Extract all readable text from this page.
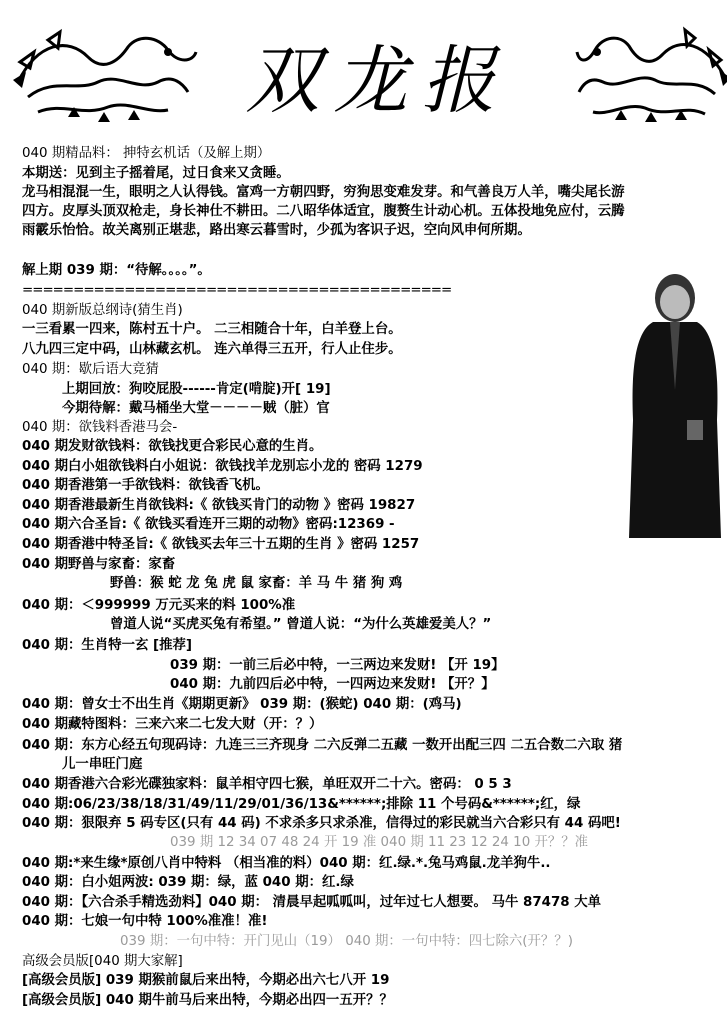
双龙报
040 期精品料： 抻特玄机话（及解上期）
本期送：见到主子摇着尾，过日食来又贪睡。
龙马相混混一生，眼明之人认得钱。富鸡一方朝四野，穷狗思变难发芽。和气善良万人羊，嘴尖尾长游
四方。皮厚头顶双枪走，身长神仕不耕田。二八昭华体适宜，腹赘生计动心机。五体投地免应付，云腾
雨霰乐怡恰。故关离别正堪悲，路出寒云暮雪时，少孤为客识子迟，空向风申何所期。
解上期 039 期：“待解。。。。”。
==========================================
040 期新版总纲诗(猜生肖)
一三看累一四来，陈村五十户。 二三相随合十年，白羊登上台。
八九四三定中码，山林藏玄机。 连六单得三五开，行人止住步。
040 期：歇后语大竞猜
上期回放：狗咬屁股------肯定(啃腚)开[ 19]
今期待解：戴马桶坐大堂－－－－贼（脏）官
040 期：欲钱料香港马会-
040 期发财欲钱料：欲钱找更合彩民心意的生肖。
040 期白小姐欲钱料白小姐说：欲钱找羊龙别忘小龙的 密码 1279
040 期香港第一手欲钱料：欲钱香飞机。
040 期香港最新生肖欲钱料:《 欲钱买肯门的动物 》密码 19827
040 期六合圣旨:《 欲钱买看连开三期的动物》密码:12369 -
040 期香港中特圣旨:《 欲钱买去年三十五期的生肖 》密码 1257
040 期野兽与家畜：家畜
野兽：猴 蛇 龙 兔 虎 鼠 家畜：羊 马 牛 猪 狗 鸡
040 期：＜999999 万元买来的料 100%准
曾道人说“买虎买兔有希望。” 曾道人说：“为什么英雄爱美人？”
040 期：生肖特一玄 [推荐]
039 期：一前三后必中特，一三两边来发财! 【开 19】
040 期：九前四后必中特，一四两边来发财! 【开？】
040 期：曾女士不出生肖《期期更新》 039 期：(猴蛇) 040 期：(鸡马)
040 期藏特图料：三来六来二七发大财（开：？）
040 期：东方心经五句现码诗：九连三三齐现身 二六反弹二五藏 一数开出配三四 二五合数二六取 猪
儿一串旺门庭
040 期香港六合彩光碟独家料：鼠羊相守四七猴，单旺双开二十六。密码： 0 5 3
040 期:06/23/38/18/31/49/11/29/01/36/13&******;排除 11 个号码&******;红，绿
040 期：狠限弃 5 码专区(只有 44 码) 不求杀多只求杀准，信得过的彩民就当六合彩只有 44 码吧!
039 期 12 34 07 48 24 开 19 准 040 期 11 23 12 24 10 开？？准
040 期:*来生缘*原创八肖中特料 （相当准的料）040 期：红.绿.*.兔马鸡鼠.龙羊狗牛..
040 期：白小姐两波: 039 期：绿，蓝 040 期：红.绿
040 期：【六合杀手精选劲料】040 期： 清晨早起呱呱叫，过年过七人想要。 马牛 87478 大单
040 期：七娘一句中特 100%准准！准!
039 期：一句中特：开门见山（19） 040 期：一句中特：四七除六(开？？)
高级会员版[040 期大家解]
[高级会员版] 039 期猴前鼠后来出特，今期必出六七八开 19
[高级会员版] 040 期牛前马后来出特，今期必出四一五开？？
